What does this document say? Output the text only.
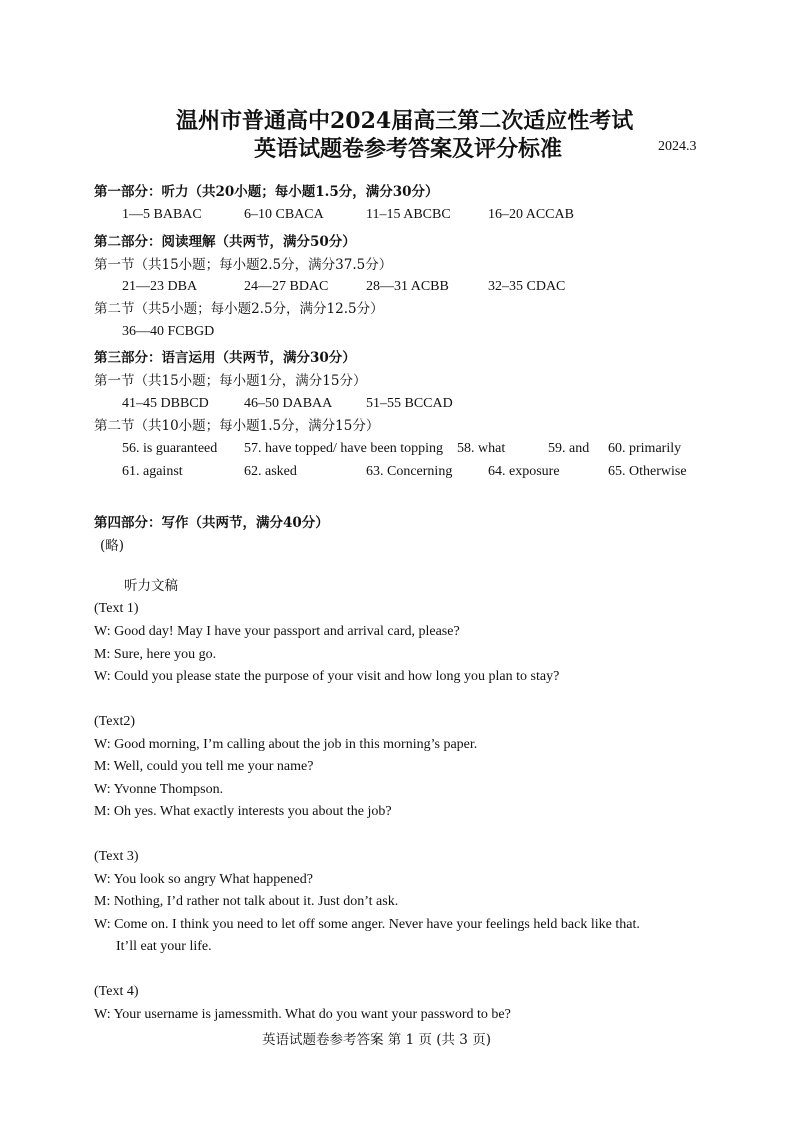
温州市普通高中2024届高三第二次适应性考试
英语试题卷参考答案及评分标准	2024.3
第一部分：听力（共20小题；每小题1.5分，满分30分）
1—5 BABAC	6–10 CBACA	11–15 ABCBC	16–20 ACCAB
第二部分：阅读理解（共两节，满分50分）
第一节（共15小题；每小题2.5分，满分37.5分）
21—23 DBA	24—27 BDAC	28—31 ACBB	32–35 CDAC
第二节（共5小题；每小题2.5分，满分12.5分）
36—40 FCBGD
第三部分：语言运用（共两节，满分30分）
第一节（共15小题；每小题1分，满分15分）
41–45 DBBCD	46–50 DABAA 51–55 BCCAD
第二节（共10小题；每小题1.5分，满分15分）
56. is guaranteed 57. have topped/ have been topping 58. what	59. and 60. primarily
61. against	62. asked	63. Concerning	64. exposure	65. Otherwise
第四部分：写作（共两节，满分40分）
(略)
听力文稿
(Text 1)
W: Good day! May I have your passport and arrival card, please?
M: Sure, here you go.
W: Could you please state the purpose of your visit and how long you plan to stay?
(Text2)
W: Good morning, I’m calling about the job in this morning’s paper.
M: Well, could you tell me your name?
W: Yvonne Thompson.
M: Oh yes. What exactly interests you about the job?
(Text 3)
W: You look so angry What happened?
M: Nothing, I’d rather not talk about it. Just don’t ask.
W: Come on. I think you need to let off some anger. Never have your feelings held back like that.
It’ll eat your life.
(Text 4)
W: Your username is jamessmith. What do you want your password to be?
英语试题卷参考答案 第 1 页 (共 3 页)
